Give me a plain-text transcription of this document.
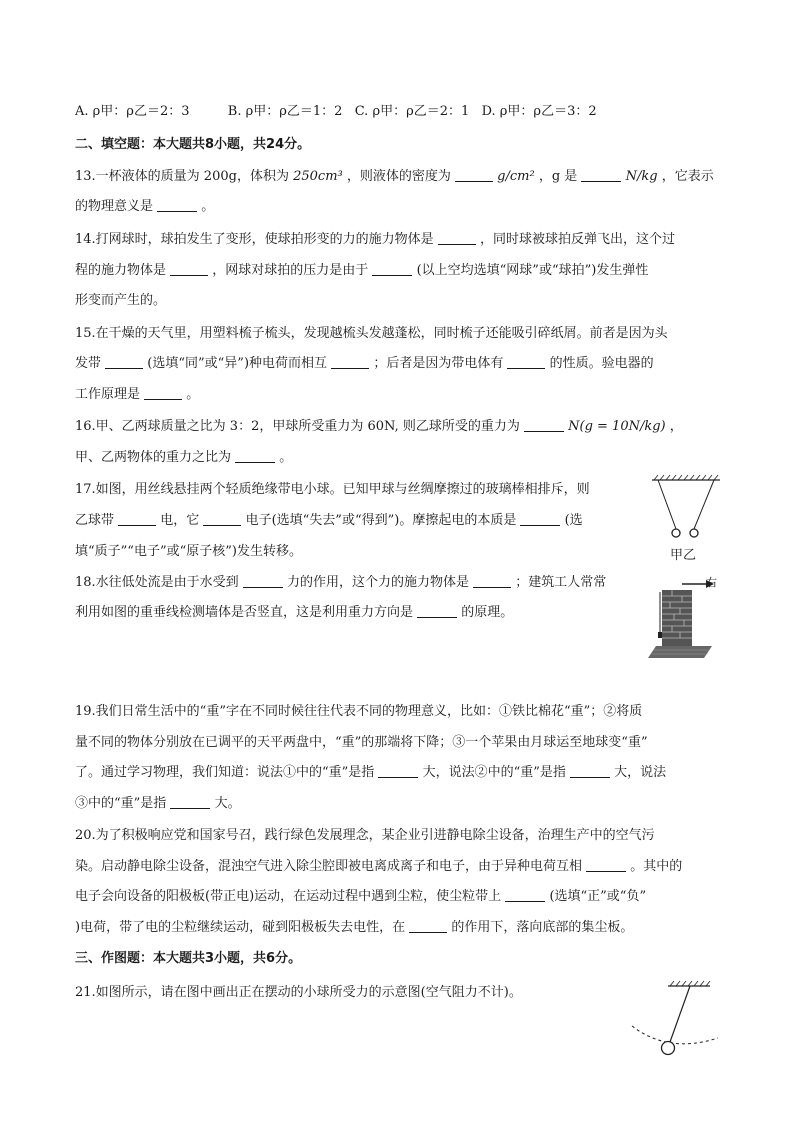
A. ρ甲：ρ乙＝2：3	B. ρ甲：ρ乙＝1：2 C. ρ甲：ρ乙＝2：1 D. ρ甲：ρ乙＝3：2
二、填空题：本大题共8小题，共24分。
13.一杯液体的质量为 200g，体积为 250cm³ ，则液体的密度为	g/cm² ，g 是	N/kg ，它表示
的物理意义是	。
14.打网球时，球拍发生了变形，使球拍形变的力的施力物体是	，同时球被球拍反弹飞出，这个过
程的施力物体是	，网球对球拍的压力是由于	(以上空均选填“网球”或“球拍”)发生弹性
形变而产生的。
15.在干燥的天气里，用塑料梳子梳头，发现越梳头发越蓬松，同时梳子还能吸引碎纸屑。前者是因为头
发带	(选填“同”或“异”)种电荷而相互	；后者是因为带电体有	的性质。验电器的
工作原理是	。
16.甲、乙两球质量之比为 3：2，甲球所受重力为 60N, 则乙球所受的重力为	N(g = 10N/kg) ，
甲、乙两物体的重力之比为	。
17.如图，用丝线悬挂两个轻质绝缘带电小球。已知甲球与丝绸摩擦过的玻璃棒相排斥，则
乙球带	电，它	电子(选填“失去”或“得到”)。摩擦起电的本质是	(选
填“质子”“电子”或“原子核”)发生转移。	甲乙
18.水往低处流是由于水受到	力的作用，这个力的施力物体是	；建筑工人常常
利用如图的重垂线检测墙体是否竖直，这是利用重力方向是	的原理。
右
19.我们日常生活中的“重”字在不同时候往往代表不同的物理意义，比如：①铁比棉花“重”；②将质
量不同的物体分别放在已调平的天平两盘中，“重”的那端将下降；③一个苹果由月球运至地球变“重”
了。通过学习物理，我们知道：说法①中的“重”是指	大，说法②中的“重”是指	大，说法
③中的“重”是指	大。
20.为了积极响应党和国家号召，践行绿色发展理念，某企业引进静电除尘设备，治理生产中的空气污
染。启动静电除尘设备，混浊空气进入除尘腔即被电离成离子和电子，由于异种电荷互相	。其中的
电子会向设备的阳极板(带正电)运动，在运动过程中遇到尘粒，使尘粒带上	(选填“正”或“负”
)电荷，带了电的尘粒继续运动，碰到阳极板失去电性，在	的作用下，落向底部的集尘板。
三、作图题：本大题共3小题，共6分。
21.如图所示，请在图中画出正在摆动的小球所受力的示意图(空气阻力不计)。
